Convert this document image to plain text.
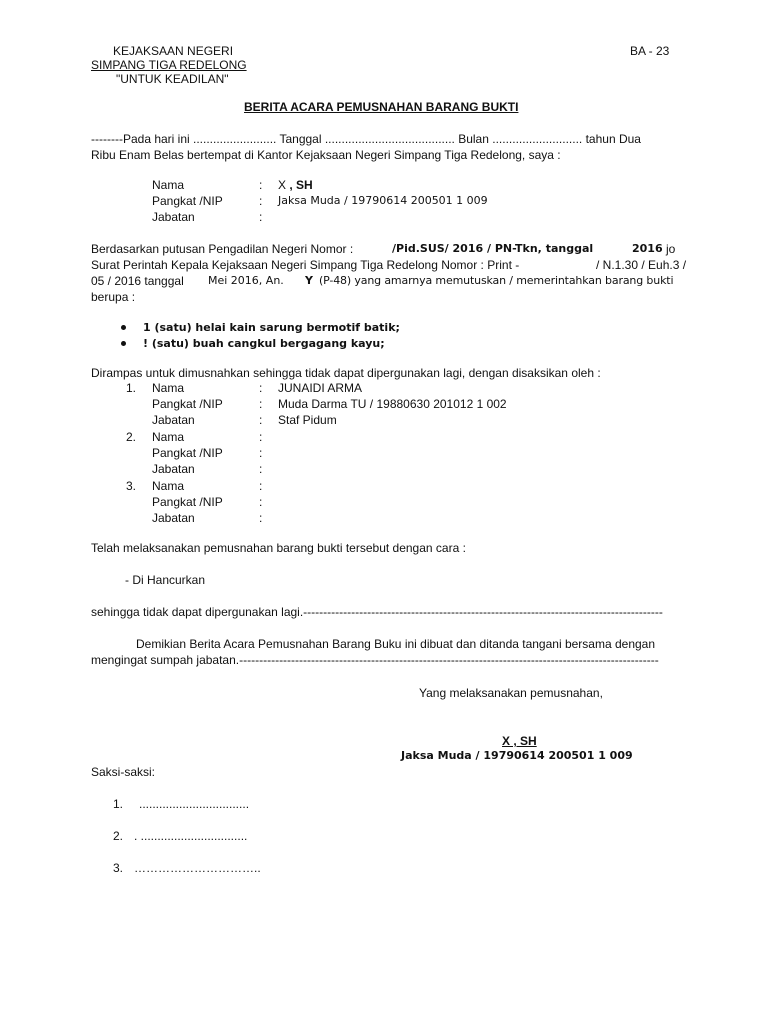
KEJAKSAAN NEGERI
SIMPANG TIGA REDELONG
"UNTUK KEADILAN"
BA - 23
BERITA ACARA PEMUSNAHAN BARANG BUKTI
--------Pada hari ini ......................... Tanggal ....................................... Bulan ........................... tahun Dua
Ribu Enam Belas bertempat di Kantor Kejaksaan Negeri Simpang Tiga Redelong, saya :
Nama	: X , SH
Pangkat /NIP	: Jaksa Muda / 19790614 200501 1 009
Jabatan	:
Berdasarkan putusan Pengadilan Negeri Nomor :	/Pid.SUS/ 2016 / PN-Tkn, tanggal	2016 jo
Surat Perintah Kepala Kejaksaan Negeri Simpang Tiga Redelong Nomor : Print -	/ N.1.30 / Euh.3 /
05 / 2016 tanggal Mei 2016, An. Y (P-48) yang amarnya memutuskan / memerintahkan barang bukti
berupa :
1 (satu) helai kain sarung bermotif batik;
! (satu) buah cangkul bergagang kayu;
Dirampas untuk dimusnahkan sehingga tidak dapat dipergunakan lagi, dengan disaksikan oleh :
1. Nama	: JUNAIDI ARMA
Pangkat /NIP	: Muda Darma TU / 19880630 201012 1 002
Jabatan	: Staf Pidum
2. Nama	:
Pangkat /NIP	:
Jabatan	:
3. Nama	:
Pangkat /NIP	:
Jabatan	:
Telah melaksanakan pemusnahan barang bukti tersebut dengan cara :
- Di Hancurkan
sehingga tidak dapat dipergunakan lagi.------------------------------------------------------------------------------------------
Demikian Berita Acara Pemusnahan Barang Buku ini dibuat dan ditanda tangani bersama dengan
mengingat sumpah jabatan.---------------------------------------------------------------------------------------------------------
Yang melaksanakan pemusnahan,
X , SH
Jaksa Muda / 19790614 200501 1 009
Saksi-saksi:
1. .................................
2. . ................................
3. …………………………..
